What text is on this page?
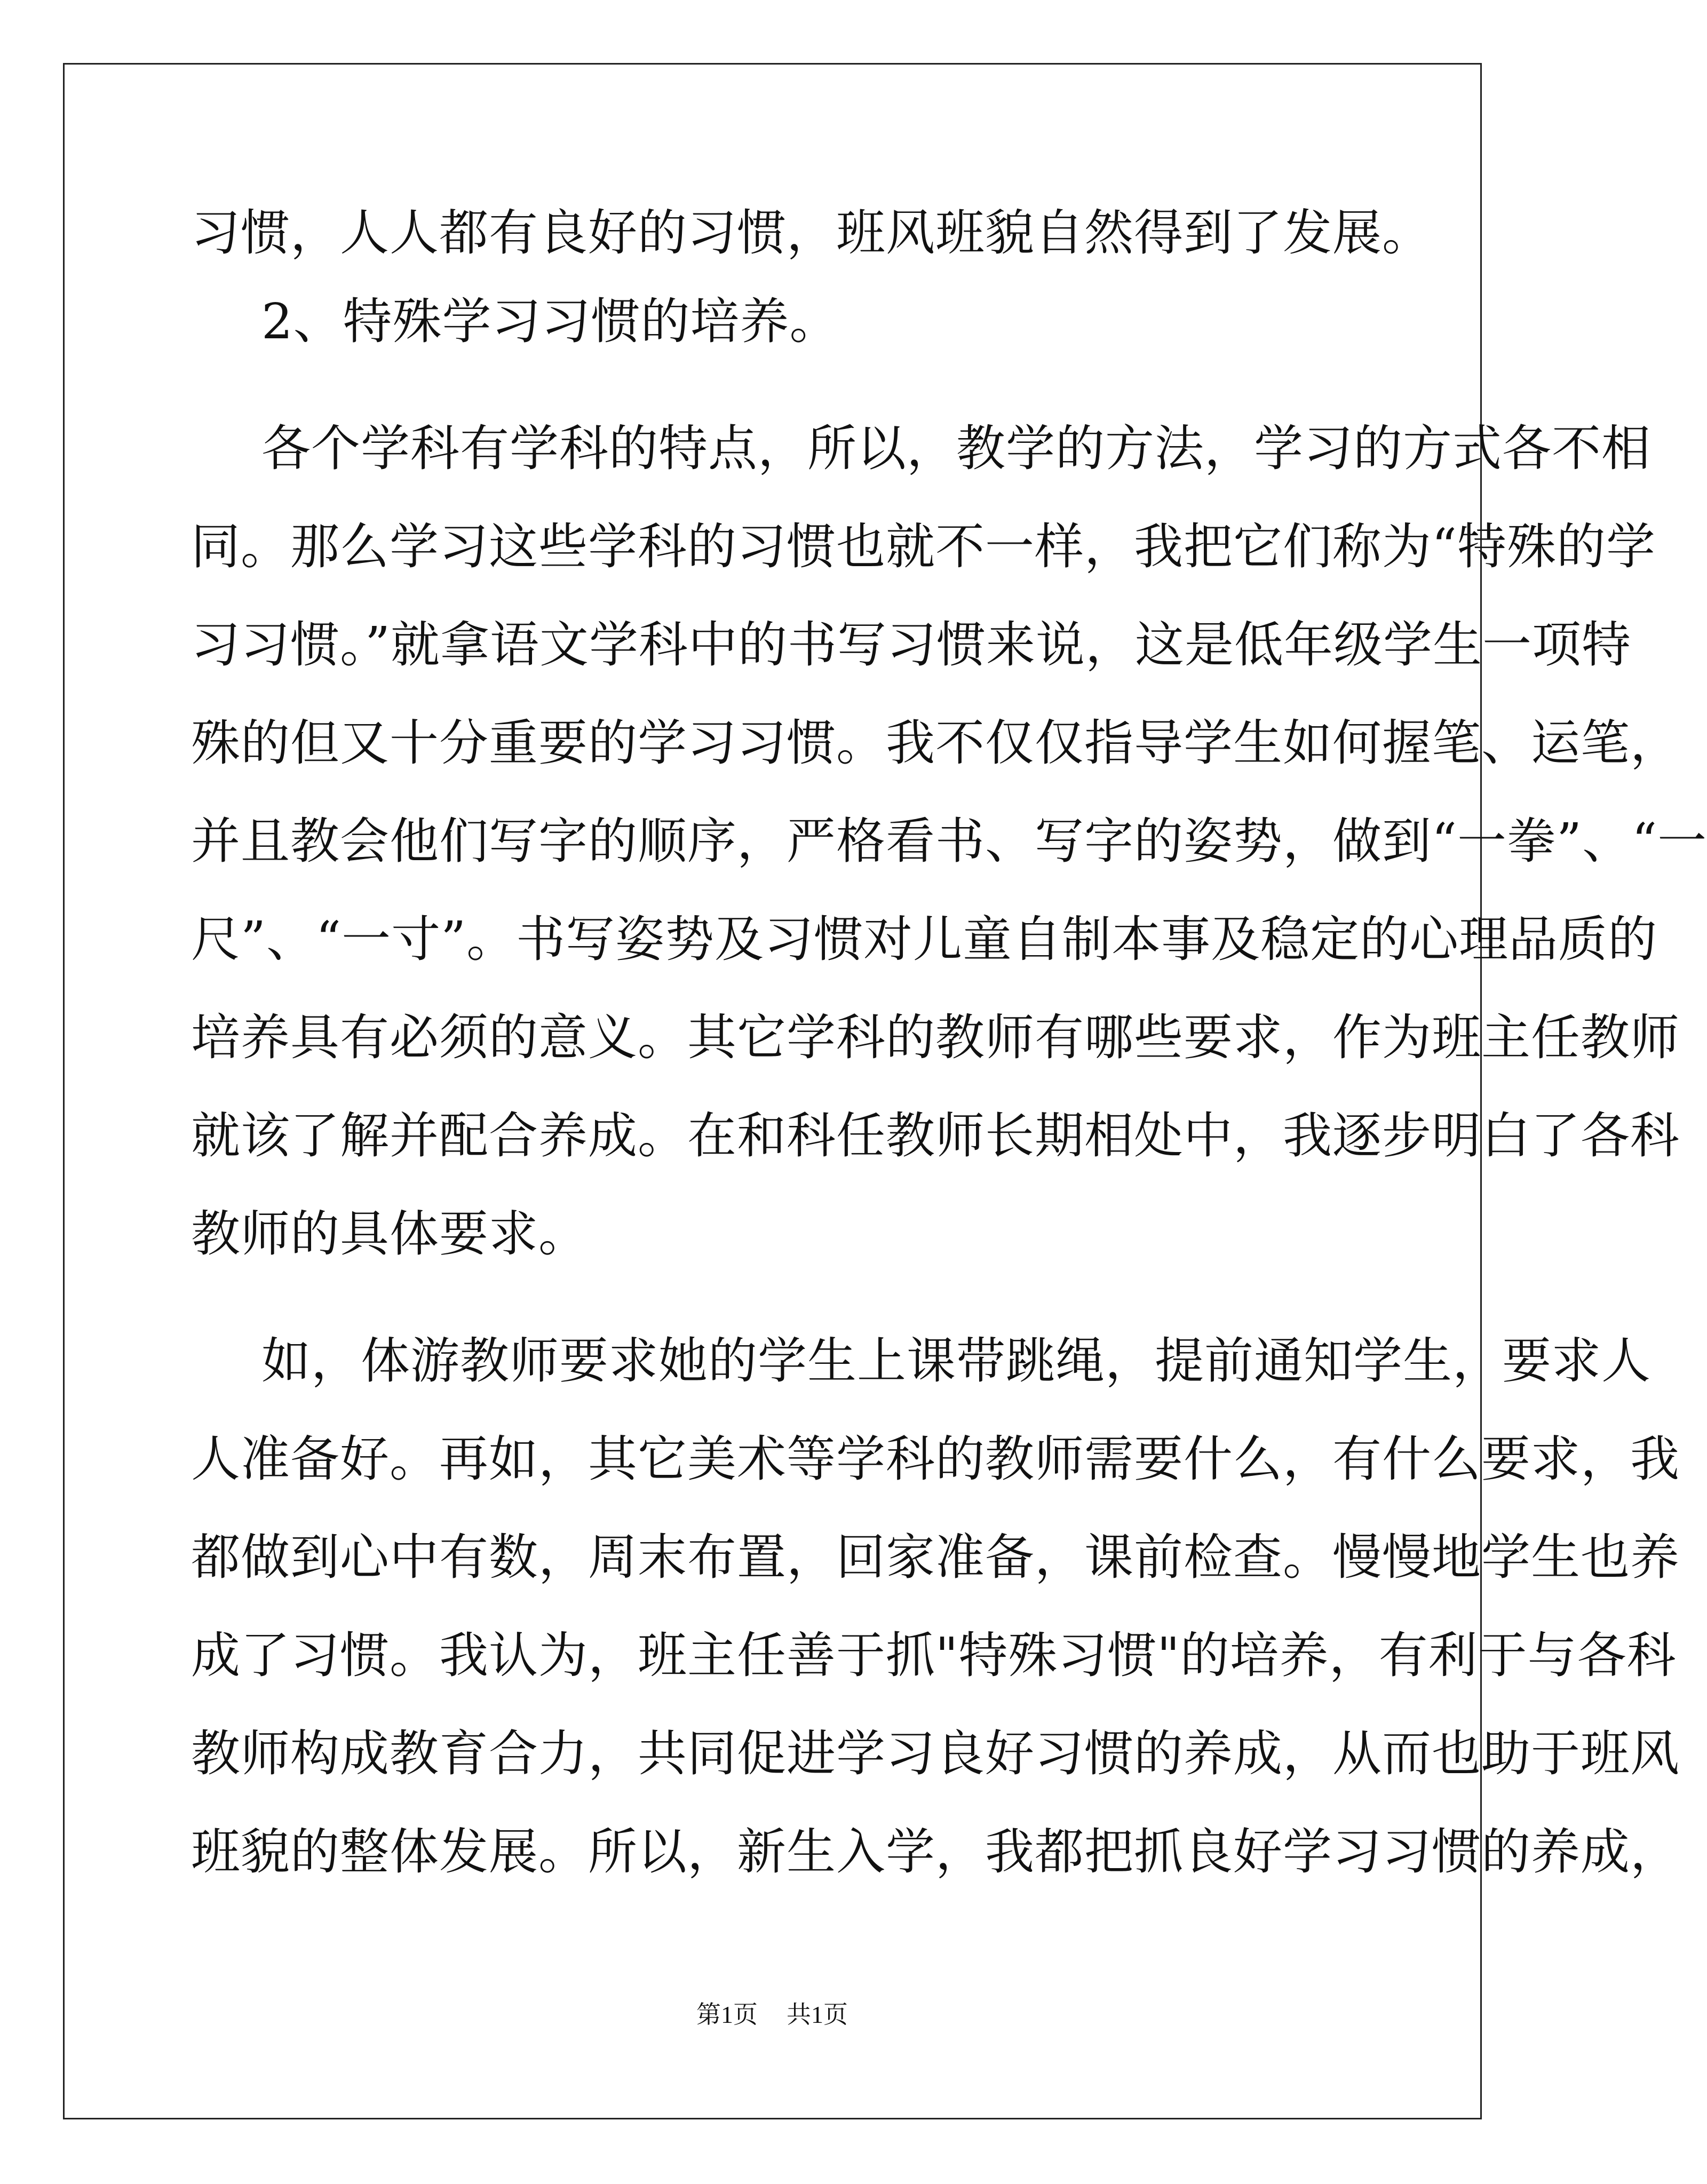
习惯，人人都有良好的习惯，班风班貌自然得到了发展。
2、特殊学习习惯的培养。
各个学科有学科的特点，所以，教学的方法，学习的方式各不相
同。那么学习这些学科的习惯也就不一样，我把它们称为“特殊的学
习习惯。”就拿语文学科中的书写习惯来说，这是低年级学生一项特
殊的但又十分重要的学习习惯。我不仅仅指导学生如何握笔、运笔，
并且教会他们写字的顺序，严格看书、写字的姿势，做到“一拳”、“一
尺”、“一寸”。书写姿势及习惯对儿童自制本事及稳定的心理品质的
培养具有必须的意义。其它学科的教师有哪些要求，作为班主任教师
就该了解并配合养成。在和科任教师长期相处中，我逐步明白了各科
教师的具体要求。
如，体游教师要求她的学生上课带跳绳，提前通知学生，要求人
人准备好。再如，其它美术等学科的教师需要什么，有什么要求，我
都做到心中有数，周末布置，回家准备，课前检查。慢慢地学生也养
成了习惯。我认为，班主任善于抓"特殊习惯"的培养，有利于与各科
教师构成教育合力，共同促进学习良好习惯的养成，从而也助于班风
班貌的整体发展。所以，新生入学，我都把抓良好学习习惯的养成，
第1页 共1页
